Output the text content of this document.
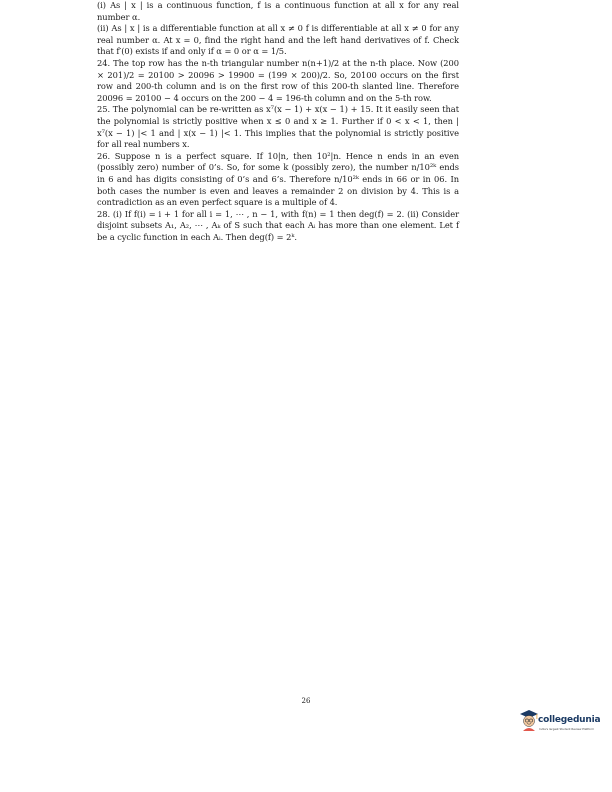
(i) As | x | is a continuous function, f is a continuous function at all x for any real number α.

(ii) As | x | is a differentiable function at all x ≠ 0 f is differentiable at all x ≠ 0 for any real number α. At x = 0, find the right hand and the left hand derivatives of f. Check that f′(0) exists if and only if α = 0 or α = 1/5.

24. The top row has the n-th triangular number n(n+1)/2 at the n-th place. Now (200 × 201)/2 = 20100 > 20096 > 19900 = (199 × 200)/2. So, 20100 occurs on the first row and 200-th column and is on the first row of this 200-th slanted line. Therefore 20096 = 20100 − 4 occurs on the 200 − 4 = 196-th column and on the 5-th row.

25. The polynomial can be re-written as x⁷(x − 1) + x(x − 1) + 15. It it easily seen that the polynomial is strictly positive when x ≤ 0 and x ≥ 1. Further if 0 < x < 1, then | x⁷(x − 1) |< 1 and | x(x − 1) |< 1. This implies that the polynomial is strictly positive for all real numbers x.

26. Suppose n is a perfect square. If 10|n, then 10²|n. Hence n ends in an even (possibly zero) number of 0’s. So, for some k (possibly zero), the number n/10²ᵏ ends in 6 and has digits consisting of 0’s and 6’s. Therefore n/10²ᵏ ends in 66 or in 06. In both cases the number is even and leaves a remainder 2 on division by 4. This is a contradiction as an even perfect square is a multiple of 4.

28. (i) If f(i) = i + 1 for all i = 1, ⋯ , n − 1, with f(n) = 1 then deg(f) = 2. (ii) Consider disjoint subsets A₁, A₂, ⋯ , Aₖ of S such that each Aᵢ has more than one element. Let f be a cyclic function in each Aᵢ. Then deg(f) = 2ᵏ.

26
collegedunia
India's largest Student Review Platform
